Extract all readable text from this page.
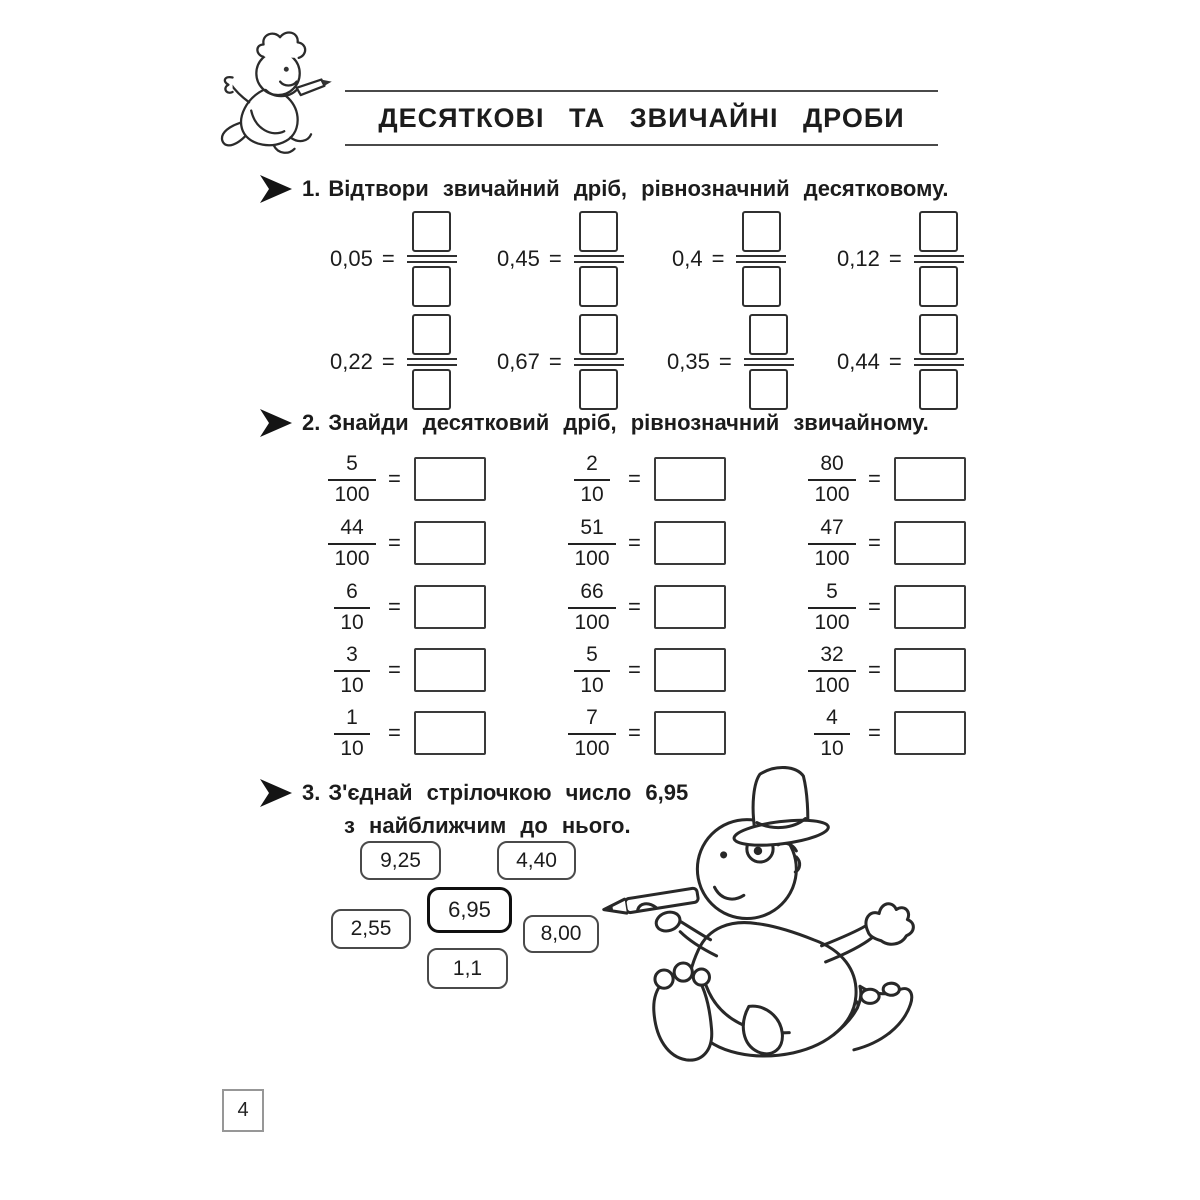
ДЕСЯТКОВІ ТА ЗВИЧАЙНІ ДРОБИ
1. Відтвори звичайний дріб, рівнозначний десятковому.
0,05 =	0,45 =	0,4 =	0,12 =
0,22 =	0,67 =	0,35 =	0,44 =
2. Знайди десятковий дріб, рівнозначний звичайному.
$\frac{5}{100}$ =	$\frac{2}{10}$ =	$\frac{80}{100}$ =
$\frac{44}{100}$ =	$\frac{51}{100}$ =	$\frac{47}{100}$ =
$\frac{6}{10}$ =	$\frac{66}{100}$ =	$\frac{5}{100}$ =
$\frac{3}{10}$ =	$\frac{5}{10}$ =	$\frac{32}{100}$ =
$\frac{1}{10}$ =	$\frac{7}{100}$ =	$\frac{4}{10}$ =
3. З'єднай стрілочкою число 6,95
з найближчим до нього.
9,25	4,40
6,95
2,55	8,00
1,1
4
